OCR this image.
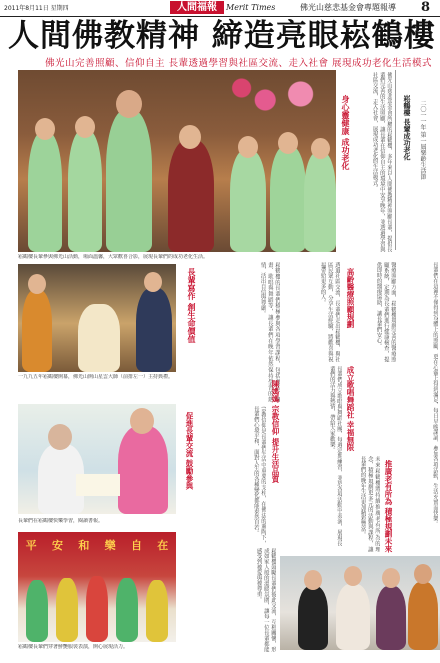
2011年8月11日 星期四	人間福報	Merit Times	佛光山慈悲基金會專題報導 8
人間佛教精神 締造亮眼崧鶴樓
佛光山完善照顧、信仰自主 長輩透過學習與社區交流、走入社會 展現成功老化生活模式
崧鶴樓長輩參與佛光山活動，場面溫馨，大眾歡喜合影，展現長輩們的成功老化生活。
身心靈健康 成功老化	佛光山慈悲基金會所屬的崧鶴樓，多年來以人間佛教精神照顧長輩，提供長輩們完善的生活照顧，讓長輩在信仰自主的環境中安享晚年，並透過學習與社區交流，走入社會，展現成功老化的生活模式。	崧鶴樓 長輩成功老化 二〇一一年 第一屆樂齡生活節
長輩們在這裡不僅得到身體上的照顧，更在心靈上得到滿足，每日早晚課誦、參加各項活動，生活充實而快樂。
一九九五年崧鶴樓開幕，佛光山開山星雲大師（前排左一）主持典禮。
長輩們在崧鶴樓快樂學習，閱讀書報。
平 安 和 樂 自 在
崧鶴樓長輩們穿著鮮艷服裝表演，開心展現活力。
長輩寫作 創生命價值	崧鶴樓的長輩們積極參與各項學習課程，包括書法、繪畫、歌唱與舞蹈等，讓長輩們在晚年依然保持學習的熱情，活出自信與尊嚴。	透過社區交流，長輩們走出崧鶴樓，與社區民眾互動，分享生活經驗，將歡喜與祝福帶給更多的人。	高齡醫療照顧規劃	醫療照顧方面，崧鶴樓規劃完善的醫療照顧系統，定期為長輩們進行健康檢查，提供即時的醫療協助，讓長輩們安心。
成立歌唱舞蹈社 幸福無限
長輩們成立歌唱與舞蹈社團，每週定期練習，並於各項活動中表演，展現長輩們的活力與熱情，帶給大家歡樂。
陳媽媽 宗教信仰 提升生活品質
宗教信仰是長輩們生活中重要的支柱，在佛法的薰陶下，長輩們心境平和，面對人生的各種變化都能泰然自若。
促進長輩交流 鼓勵參與
崧鶴樓鼓勵長輩們彼此交流，互相關懷，形成如家人般的溫暖氛圍，讓每一位長輩都能感受到被愛與被尊重。
推廣老有所為 積極規劃未來
未來崧鶴樓將持續推廣老有所為的理念，積極規劃更多元的活動與課程，讓長輩們的晚年生活更加精彩豐富。
